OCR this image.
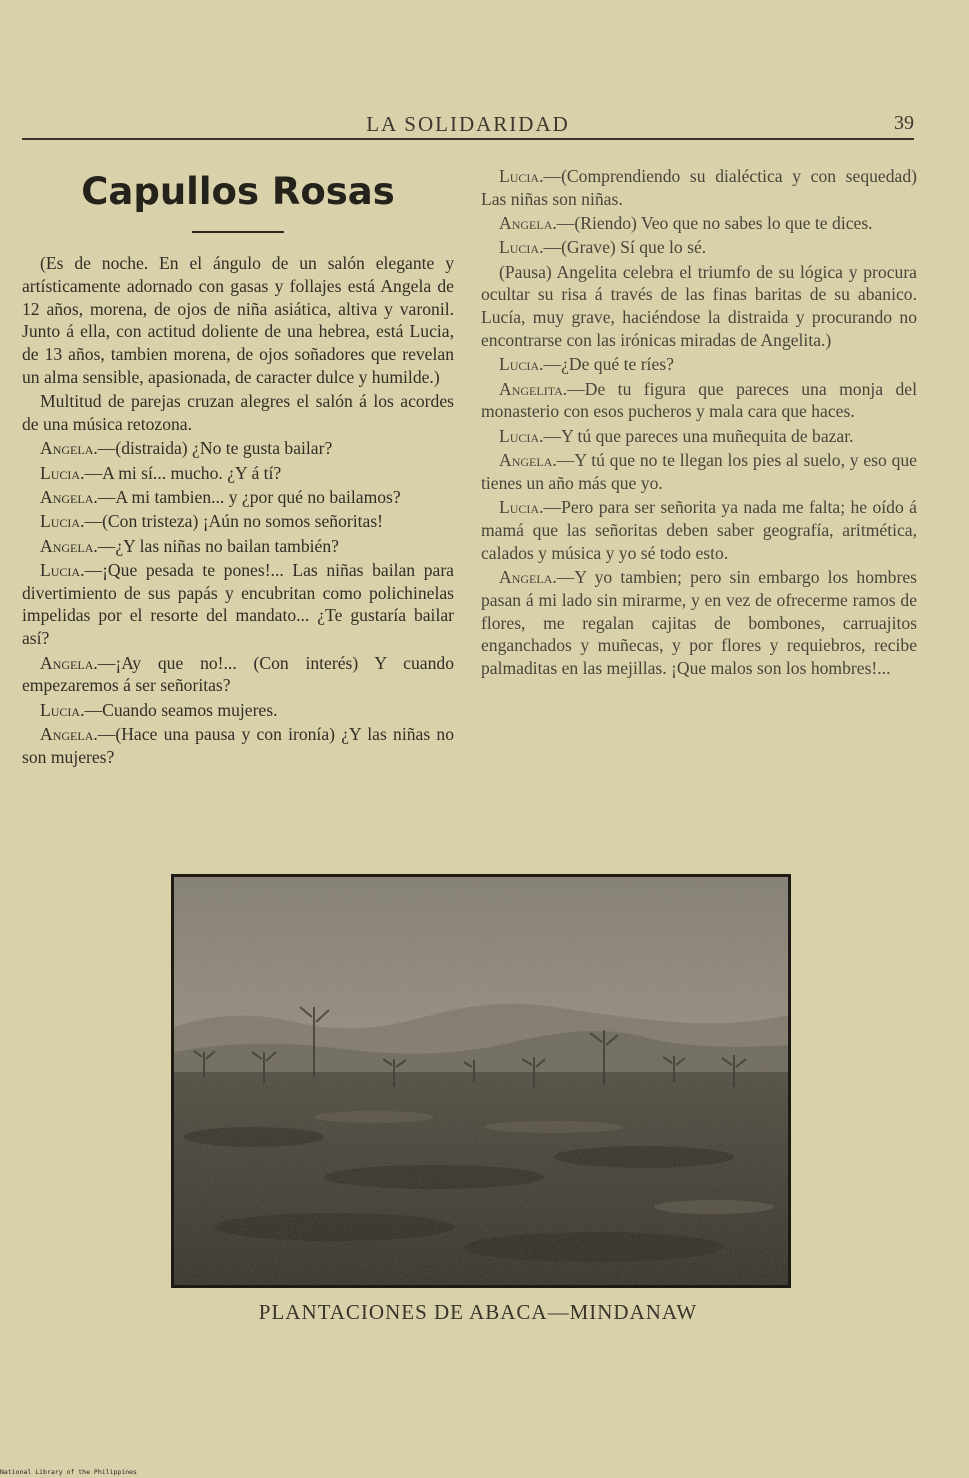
LA SOLIDARIDAD	39
Capullos Rosas

(Es de noche. En el ángulo de un salón elegante y artísticamente adornado con gasas y follajes está Angela de 12 años, morena, de ojos de niña asiática, altiva y varonil. Junto á ella, con actitud doliente de una hebrea, está Lucia, de 13 años, tambien morena, de ojos soñadores que revelan un alma sensible, apasionada, de caracter dulce y humilde.)

Multitud de parejas cruzan alegres el salón á los acordes de una música retozona.

Angela.—(distraida) ¿No te gusta bailar?

Lucia.—A mi sí... mucho. ¿Y á tí?

Angela.—A mi tambien... y ¿por qué no bailamos?

Lucia.—(Con tristeza) ¡Aún no somos señoritas!

Angela.—¿Y las niñas no bailan también?

Lucia.—¡Que pesada te pones!... Las niñas bailan para divertimiento de sus papás y encubritan como polichinelas impelidas por el resorte del mandato... ¿Te gustaría bailar así?

Angela.—¡Ay que no!... (Con interés) Y cuando empezaremos á ser señoritas?

Lucia.—Cuando seamos mujeres.

Angela.—(Hace una pausa y con ironía) ¿Y las niñas no son mujeres?

Lucia.—(Comprendiendo su dialéctica y con sequedad) Las niñas son niñas.

Angela.—(Riendo) Veo que no sabes lo que te dices.

Lucia.—(Grave) Sí que lo sé.

(Pausa) Angelita celebra el triumfo de su lógica y procura ocultar su risa á través de las finas baritas de su abanico. Lucía, muy grave, haciéndose la distraida y procurando no encontrarse con las irónicas miradas de Angelita.)

Lucia.—¿De qué te ríes?

Angelita.—De tu figura que pareces una monja del monasterio con esos pucheros y mala cara que haces.

Lucia.—Y tú que pareces una muñequita de bazar.

Angela.—Y tú que no te llegan los pies al suelo, y eso que tienes un año más que yo.

Lucia.—Pero para ser señorita ya nada me falta; he oído á mamá que las señoritas deben saber geografía, aritmética, calados y música y yo sé todo esto.

Angela.—Y yo tambien; pero sin embargo los hombres pasan á mi lado sin mirarme, y en vez de ofrecerme ramos de flores, me regalan cajitas de bombones, carruajitos enganchados y muñecas, y por flores y requiebros, recibe palmaditas en las mejillas. ¡Que malos son los hombres!...

PLANTACIONES DE ABACA—MINDANAW
National Library of the Philippines
